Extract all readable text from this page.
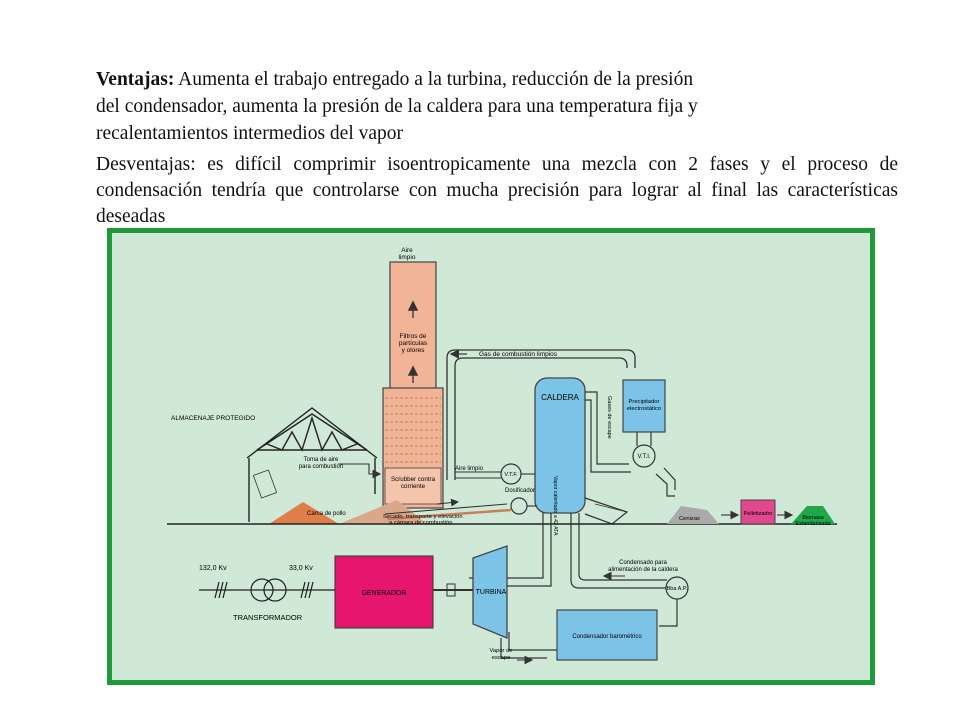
Ventajas: Aumenta el trabajo entregado a la turbina, reducción de la presión
del condensador, aumenta la presión de la caldera para una temperatura fija y
recalentamientos intermedios del vapor
Desventajas: es difícil comprimir isoentropicamente una mezcla con 2 fases y el proceso de condensación tendría que controlarse con mucha precisión para lograr al final las características deseadas
Aire
limpio
Filtros de
partículas
y olores
Scrubber contra
corriente
Gas de combustión limpios
Precipitador
electrostático
V.T.I.
CALDERA	Gases de escape
ALMACENAJE PROTEGIDO
Cama de pollo
Toma de aire
para combustión	Aire limpio
V.T.F.
Dosificador
Secado, transporte y elevación
a cámara de combustión	Vapor calentado a 42 ATA
Condensado para
alimentación de la caldera
Bba A.P.
Cenizas
Pelletizador
Biomasa
Estandarizada
TURBINA
Vapor de
escape
Condensador barométrico
GENERADOR
132,0 Kv	33,0 Kv
TRANSFORMADOR
